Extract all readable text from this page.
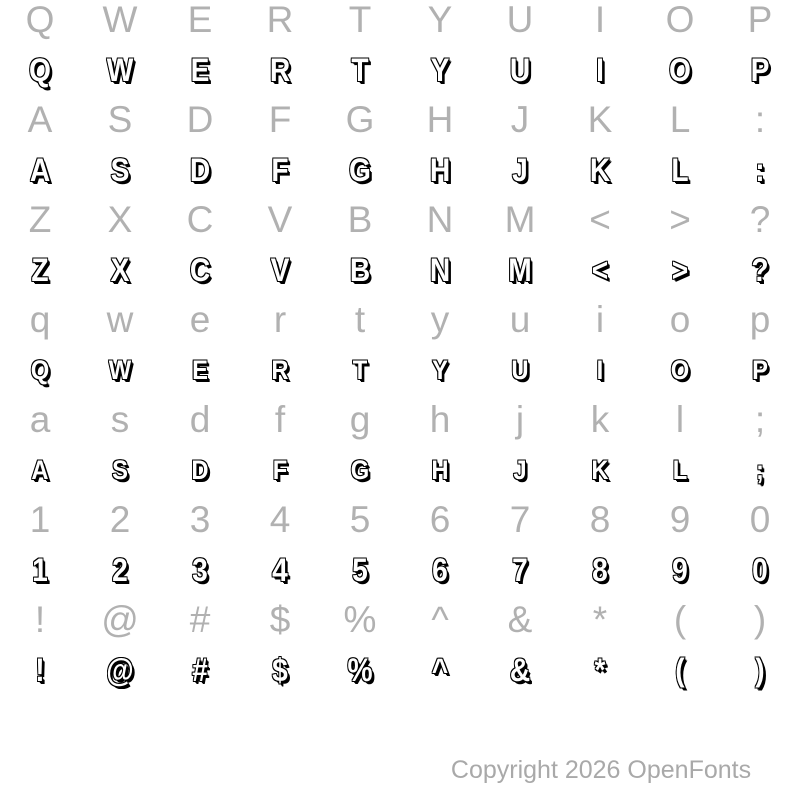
Q W E R T Y U I O P
Q W E R T Y U I O P
A S D F G H J K L :
A S D F G H J K L :
Z X C V B N M < > ?
Z X C V B N M < > ?
q w e r t y u i o p
Q W E R T Y U	I O P
a s d f g h j k l ;
A S D F G H J K L	;
1 2 3 4 5 6 7 8 9 0
1 2 3 4 5 6 7 8 9 0
! @ # $ % ^ & * ( )
! @ # $ % ^ & * ( )
Copyright 2026 OpenFonts
